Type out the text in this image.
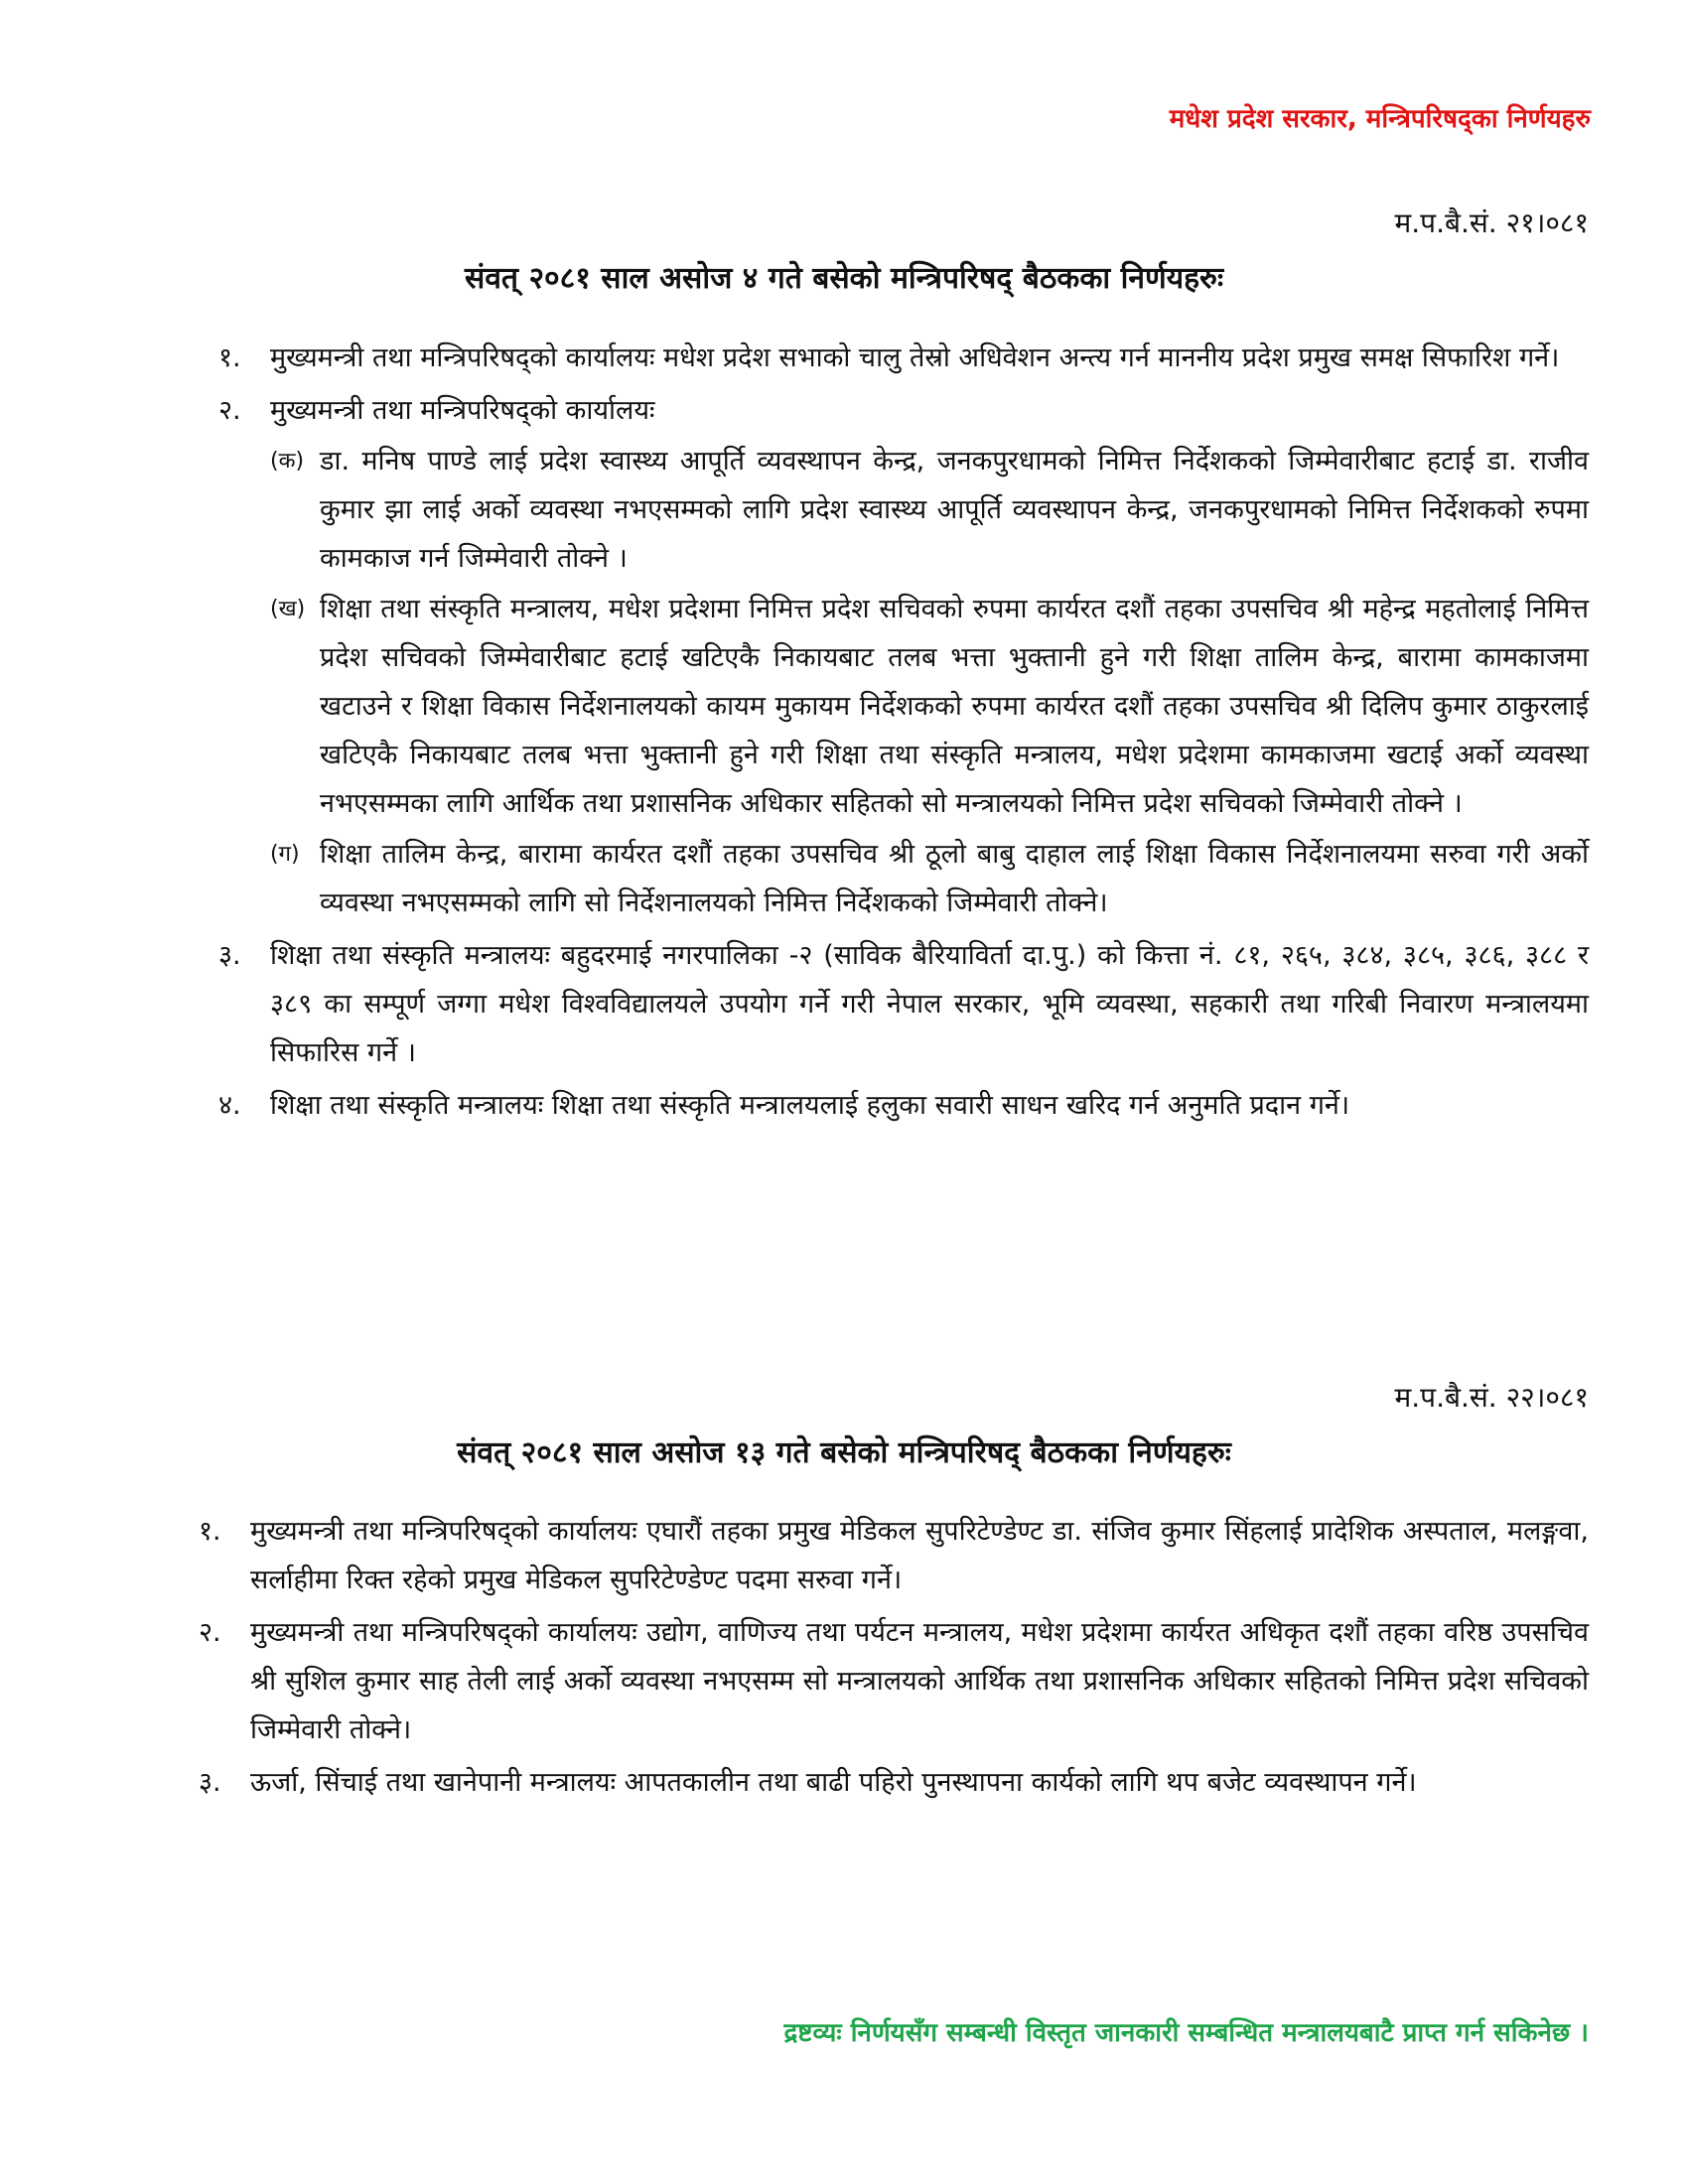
मधेश प्रदेश सरकार, मन्त्रिपरिषद्का निर्णयहरु
म.प.बै.सं. २१।०८१
संवत् २०८१ साल असोज ४ गते बसेको मन्त्रिपरिषद् बैठकका निर्णयहरुः
१. मुख्यमन्त्री तथा मन्त्रिपरिषद्को कार्यालयः मधेश प्रदेश सभाको चालु तेस्रो अधिवेशन अन्त्य गर्न माननीय प्रदेश प्रमुख समक्ष सिफारिश गर्ने।
२. मुख्यमन्त्री तथा मन्त्रिपरिषद्को कार्यालयः
(क) डा. मनिष पाण्डे लाई प्रदेश स्वास्थ्य आपूर्ति व्यवस्थापन केन्द्र, जनकपुरधामको निमित्त निर्देशकको जिम्मेवारीबाट हटाई डा. राजीव कुमार झा लाई अर्को व्यवस्था नभएसम्मको लागि प्रदेश स्वास्थ्य आपूर्ति व्यवस्थापन केन्द्र, जनकपुरधामको निमित्त निर्देशकको रुपमा कामकाज गर्न जिम्मेवारी तोक्ने ।
(ख) शिक्षा तथा संस्कृति मन्त्रालय, मधेश प्रदेशमा निमित्त प्रदेश सचिवको रुपमा कार्यरत दशौं तहका उपसचिव श्री महेन्द्र महतोलाई निमित्त प्रदेश सचिवको जिम्मेवारीबाट हटाई खटिएकै निकायबाट तलब भत्ता भुक्तानी हुने गरी शिक्षा तालिम केन्द्र, बारामा कामकाजमा खटाउने र शिक्षा विकास निर्देशनालयको कायम मुकायम निर्देशकको रुपमा कार्यरत दशौं तहका उपसचिव श्री दिलिप कुमार ठाकुरलाई खटिएकै निकायबाट तलब भत्ता भुक्तानी हुने गरी शिक्षा तथा संस्कृति मन्त्रालय, मधेश प्रदेशमा कामकाजमा खटाई अर्को व्यवस्था नभएसम्मका लागि आर्थिक तथा प्रशासनिक अधिकार सहितको सो मन्त्रालयको निमित्त प्रदेश सचिवको जिम्मेवारी तोक्ने ।
(ग) शिक्षा तालिम केन्द्र, बारामा कार्यरत दशौं तहका उपसचिव श्री ठूलो बाबु दाहाल लाई शिक्षा विकास निर्देशनालयमा सरुवा गरी अर्को व्यवस्था नभएसम्मको लागि सो निर्देशनालयको निमित्त निर्देशकको जिम्मेवारी तोक्ने।
३. शिक्षा तथा संस्कृति मन्त्रालयः बहुदरमाई नगरपालिका -२ (साविक बैरियाविर्ता दा.पु.) को कित्ता नं. ८१, २६५, ३८४, ३८५, ३८६, ३८८ र ३८९ का सम्पूर्ण जग्गा मधेश विश्वविद्यालयले उपयोग गर्ने गरी नेपाल सरकार, भूमि व्यवस्था, सहकारी तथा गरिबी निवारण मन्त्रालयमा सिफारिस गर्ने ।
४. शिक्षा तथा संस्कृति मन्त्रालयः शिक्षा तथा संस्कृति मन्त्रालयलाई हलुका सवारी साधन खरिद गर्न अनुमति प्रदान गर्ने।
म.प.बै.सं. २२।०८१
संवत् २०८१ साल असोज १३ गते बसेको मन्त्रिपरिषद् बैठकका निर्णयहरुः
१. मुख्यमन्त्री तथा मन्त्रिपरिषद्को कार्यालयः एघारौं तहका प्रमुख मेडिकल सुपरिटेण्डेण्ट डा. संजिव कुमार सिंहलाई प्रादेशिक अस्पताल, मलङ्गवा, सर्लाहीमा रिक्त रहेको प्रमुख मेडिकल सुपरिटेण्डेण्ट पदमा सरुवा गर्ने।
२. मुख्यमन्त्री तथा मन्त्रिपरिषद्को कार्यालयः उद्योग, वाणिज्य तथा पर्यटन मन्त्रालय, मधेश प्रदेशमा कार्यरत अधिकृत दशौं तहका वरिष्ठ उपसचिव श्री सुशिल कुमार साह तेली लाई अर्को व्यवस्था नभएसम्म सो मन्त्रालयको आर्थिक तथा प्रशासनिक अधिकार सहितको निमित्त प्रदेश सचिवको जिम्मेवारी तोक्ने।
३. ऊर्जा, सिंचाई तथा खानेपानी मन्त्रालयः आपतकालीन तथा बाढी पहिरो पुनस्थापना कार्यको लागि थप बजेट व्यवस्थापन गर्ने।
द्रष्टव्यः निर्णयसँग सम्बन्धी विस्तृत जानकारी सम्बन्धित मन्त्रालयबाटै प्राप्त गर्न सकिनेछ ।
